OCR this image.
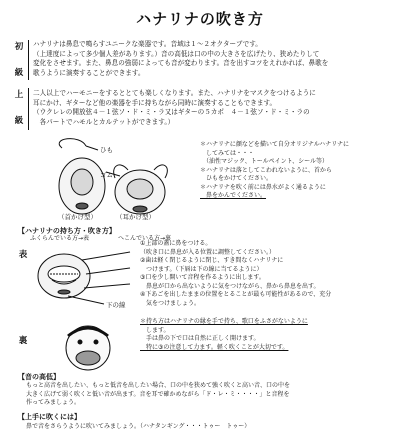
ハナリナの吹き方
初
級
ハナリナは鼻息で鳴らすユニークな楽器です。音域は１～２オクターブです。
（上達度によって多少個人差があります。）音の高低は口の中の大きさを広げたり、狭めたりして
変化をさせます。また、鼻息の強弱によっても音が変わります。音を出すコツをえれかれば、鼻歌を
歌うように演奏することができます。
上
級
二人以上でハーモニーをするととても楽しくなります。また、ハナリナをマスクをつけるように
耳にかけ、ギターなど他の楽器を手に持ちながら同時に演奏することもできます。
（ウクレレの開放弦４－１弦ソ・ド・ミ・ラ又はギターの５カポ　４－１弦ソ・ド・ミ・ラの
　各パートでハモルとカルテットができます。）
ひも
ゴム
（首かけ型）	（耳かけ型）
＊ハナリナに顔などを描いて自分オリジナルハナリナに
　してみては・・・
　（油性マジック、トールペイント、シール等）
＊ハナリナは落としてこわれないように、首から
　ひもをかけてください。
＊ハナリナを吹く前には鼻水がよく通るように
　鼻をかんでください。
【ハナリナの持ち方・吹き方】
ふくらんでいる方→表	へこんでいる方→裏
表
裏
下の線
①上部の蓋に鼻をつける。
（吹き口に鼻息が入る位置に調整してください。）
②歯は軽く閉じるように閉じ、すき間なくハナリナに
　つけます。（下唇は下の線に当てるように）
③口を少し開いて音程を作るように出します。
　鼻息が口から出ないように気をつけながら、鼻から鼻息を出す。
④下あごを出したままの位置をとることが最も可能性があるので、充分
　気をつけましょう。
＊持ち方はハナリナの縁を手で持ち、歌口をふさがないように
　します。
　手は鼻の下で口は自然に正しく開けます。
　特に③の注意して力ます。軽く吹くことが大切です。
【音の高低】
もっと高音を出したい、もっと低音を出したい場合、口の中を狭めて強く吹くと高い音、口の中を
大きく広げて弱く吹くと低い音が出ます。音を耳で確かめながら「ド・レ・ミ・・・・」と音程を
作ってみましょう。
【上手に吹くには】
鼻で音をさらうように吹いてみましょう。（ハナタンギング・・・トゥー　トゥー）
